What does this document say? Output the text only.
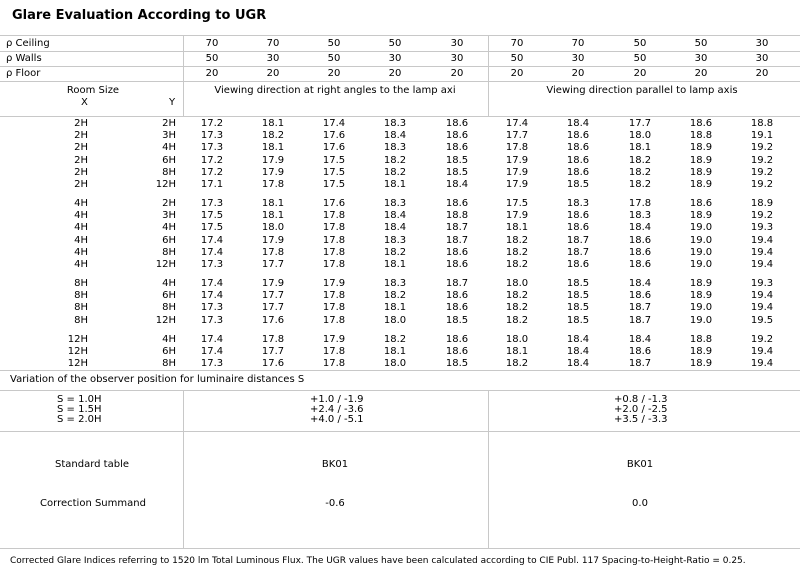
Glare Evaluation According to UGR
ρ Ceiling	70	70	50	50	30	70	70	50	50	30
ρ Walls	50	30	50	30	30	50	30	50	30	30
ρ Floor	20	20	20	20	20	20	20	20	20	20
Room Size
X	Y
Viewing direction at right angles to the lamp axi	Viewing direction parallel to lamp axis
2H	2H 17.2	18.1	17.4	18.3	18.6	17.4	18.4	17.7	18.6	18.8
2H	3H 17.3	18.2	17.6	18.4	18.6	17.7	18.6	18.0	18.8	19.1
2H	4H 17.3	18.1	17.6	18.3	18.6	17.8	18.6	18.1	18.9	19.2
2H	6H 17.2	17.9	17.5	18.2	18.5	17.9	18.6	18.2	18.9	19.2
2H	8H 17.2	17.9	17.5	18.2	18.5	17.9	18.6	18.2	18.9	19.2
2H	12H 17.1	17.8	17.5	18.1	18.4	17.9	18.5	18.2	18.9	19.2
4H	2H 17.3	18.1	17.6	18.3	18.6	17.5	18.3	17.8	18.6	18.9
4H	3H 17.5	18.1	17.8	18.4	18.8	17.9	18.6	18.3	18.9	19.2
4H	4H 17.5	18.0	17.8	18.4	18.7	18.1	18.6	18.4	19.0	19.3
4H	6H 17.4	17.9	17.8	18.3	18.7	18.2	18.7	18.6	19.0	19.4
4H	8H 17.4	17.8	17.8	18.2	18.6	18.2	18.7	18.6	19.0	19.4
4H	12H 17.3	17.7	17.8	18.1	18.6	18.2	18.6	18.6	19.0	19.4
8H	4H 17.4	17.9	17.9	18.3	18.7	18.0	18.5	18.4	18.9	19.3
8H	6H 17.4	17.7	17.8	18.2	18.6	18.2	18.5	18.6	18.9	19.4
8H	8H 17.3	17.7	17.8	18.1	18.6	18.2	18.5	18.7	19.0	19.4
8H	12H 17.3	17.6	17.8	18.0	18.5	18.2	18.5	18.7	19.0	19.5
12H	4H 17.4	17.8	17.9	18.2	18.6	18.0	18.4	18.4	18.8	19.2
12H	6H 17.4	17.7	17.8	18.1	18.6	18.1	18.4	18.6	18.9	19.4
12H	8H 17.3	17.6	17.8	18.0	18.5	18.2	18.4	18.7	18.9	19.4
Variation of the observer position for luminaire distances S
S = 1.0H	+1.0 / -1.9	+0.8 / -1.3
S = 1.5H	+2.4 / -3.6	+2.0 / -2.5
S = 2.0H	+4.0 / -5.1	+3.5 / -3.3
Standard table	BK01	BK01
Correction Summand	-0.6	0.0
Corrected Glare Indices referring to 1520 lm Total Luminous Flux. The UGR values have been calculated according to CIE Publ. 117 Spacing-to-Height-Ratio = 0.25.
